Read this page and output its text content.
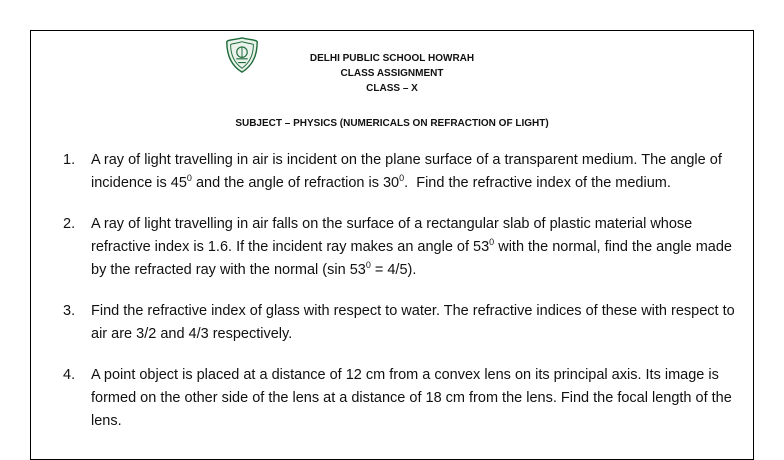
DELHI PUBLIC SCHOOL HOWRAH
CLASS ASSIGNMENT
CLASS – X
SUBJECT – PHYSICS (NUMERICALS ON REFRACTION OF LIGHT)
1.	A ray of light travelling in air is incident on the plane surface of a transparent medium. The angle of incidence is $45^0$ and the angle of refraction is $30^0$.  Find the refractive index of the medium.
2.	A ray of light travelling in air falls on the surface of a rectangular slab of plastic material whose refractive index is 1.6. If the incident ray makes an angle of $53^0$ with the normal, find the angle made by the refracted ray with the normal (sin $53^0 = 4/5$).
3.	Find the refractive index of glass with respect to water. The refractive indices of these with respect to air are 3/2 and 4/3 respectively.
4.	A point object is placed at a distance of 12 cm from a convex lens on its principal axis. Its image is formed on the other side of the lens at a distance of 18 cm from the lens. Find the focal length of the lens.
